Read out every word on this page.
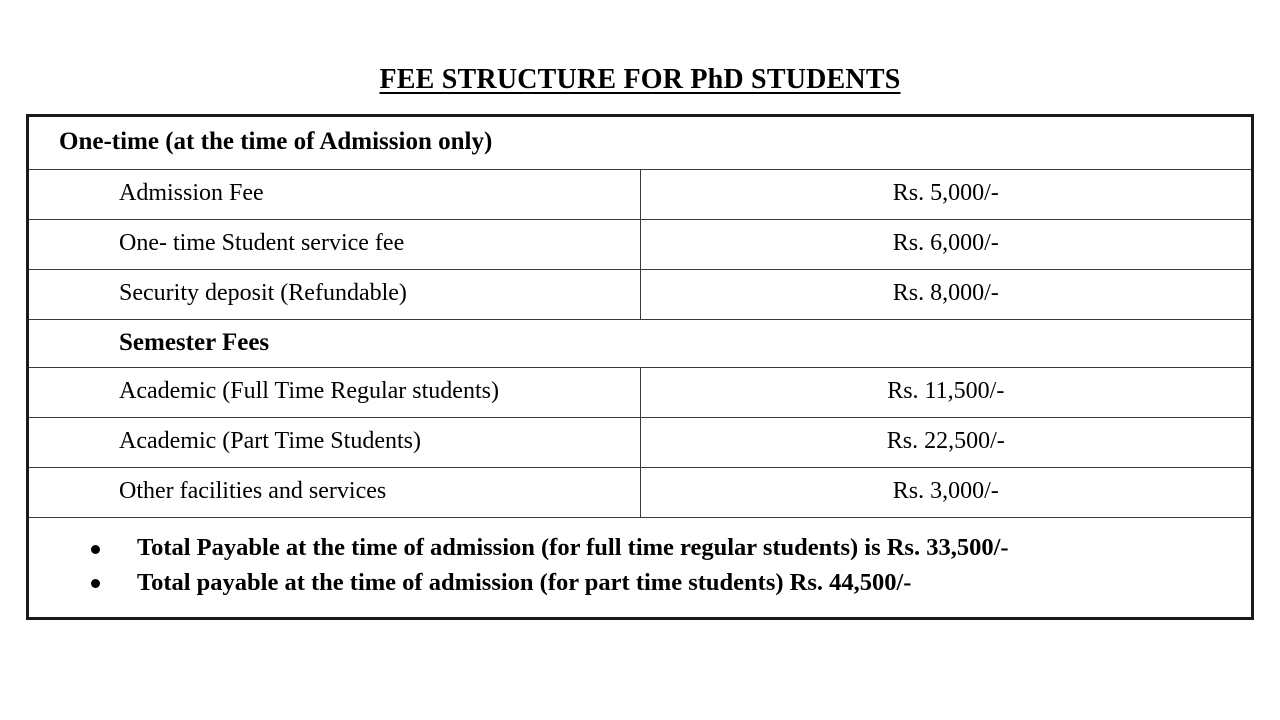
FEE STRUCTURE FOR PhD STUDENTS
One-time (at the time of Admission only)	
Admission Fee	Rs. 5,000/-
One- time Student service fee	Rs. 6,000/-
Security deposit (Refundable)	Rs. 8,000/-
Semester Fees	
Academic (Full Time Regular students)	Rs. 11,500/-
Academic (Part Time Students)	Rs. 22,500/-
Other facilities and services	Rs. 3,000/-

Total Payable at the time of admission (for full time regular students) is Rs. 33,500/-
Total payable at the time of admission (for part time students) Rs. 44,500/-
